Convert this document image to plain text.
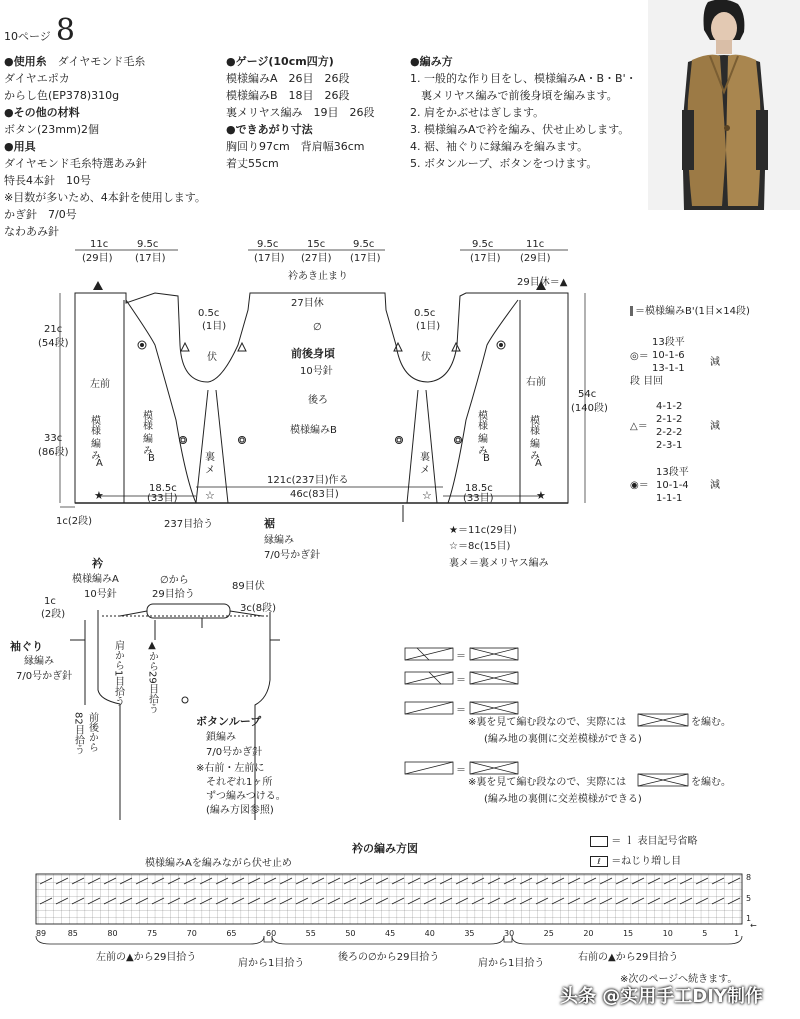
10ページ 8
●使用糸　 ダイヤモンド毛糸
ダイヤエポカ
からし色(EP378)310g
●その他の材料
ボタン(23mm)2個
●用具
ダイヤモンド毛糸特選あみ針
特長4本針　10号
※目数が多いため、4本針を使用します。
かぎ針　7/0号
なわあみ針
●ゲージ(10cm四方)
模様編みA　26目　26段
模様編みB　18目　26段
裏メリヤス編み　19目　26段
●できあがり寸法
胸回り97cm　背肩幅36cm
着丈55cm
●編み方
1. 一般的な作り目をし、模様編みA・B・B'・
　裏メリヤス編みで前後身頃を編みます。
2. 肩をかぶせはぎします。
3. 模様編みAで衿を編み、伏せ止めします。
4. 裾、袖ぐりに縁編みを編みます。
5. ボタンループ、ボタンをつけます。
★	★
☆	☆
11c
(29目)
9.5c
(17目)
9.5c
(17目)
15c
(27目)
9.5c
(17目)
9.5c
(17目)
11c
(29目)
衿あき止まり
27目休
∅
29目休＝▲
0.5c
(1目)
伏
0.5c
(1目)
伏
前後身頃
10号針
後ろ
模様編みB
左前	右前
模様
編
み
A
模様
編
み
B	裏
メ
裏
メ
模様
編
み
B
模様
編
み
A
21c
(54段)
33c
(86段)
54c
(140段)
18.5c
(33目)
18.5c
(33目)
121c(237目)作る
46c(83目)
1c(2段)	237目拾う	裾
縁編み
7/0号かぎ針
★＝11c(29目)
☆＝8c(15目)
裏メ＝裏メリヤス編み
＝模様編みB'(1目×14段)
◎＝
13段平
10-1-6
13-1-1
段 目回
減
△＝
4-1-2
2-1-2
2-2-2
2-3-1
減
◉＝
13段平
10-1-4
1-1-1
減
衿
模様編みA
10号針
∅から
29目拾う
89目伏
3c(8段)
1c
(2段)
袖ぐり
縁編み
7/0号かぎ針
82目拾う 前後から
肩から1目拾う ▲から29目拾う
ボタンループ
鎖編み
7/0号かぎ針
※右前・左前に
それぞれ1ヶ所
ずつ編みつける。
(編み方図参照)
＝
＝
＝
＝
※裏を見て編む段なので、実際には	を編む。
(編み地の裏側に交差模様ができる)
※裏を見て編む段なので、実際には	を編む。
(編み地の裏側に交差模様ができる)
衿の編み方図
模様編みAを編みながら伏せ止め
＝ ｌ 表目記号省略
ℓ ＝ねじり増し目
89	85	80	75	70	65	60	55	50	45	40	35	30	25	20	15	10	5	1
8
5
1
←
左前の▲から29目拾う
肩から1目拾う
後ろの∅から29目拾う
肩から1目拾う
右前の▲から29目拾う
※次のページへ続きます。
头条 @实用手工DIY制作
